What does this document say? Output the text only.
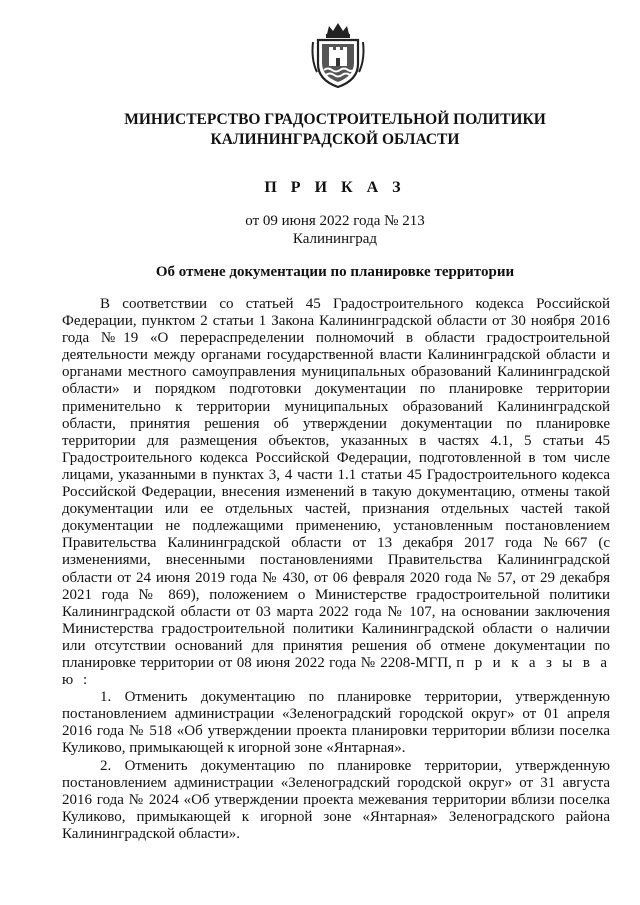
МИНИСТЕРСТВО ГРАДОСТРОИТЕЛЬНОЙ ПОЛИТИКИ
КАЛИНИНГРАДСКОЙ ОБЛАСТИ
П Р И К А З
от 09 июня 2022 года № 213
Калининград
Об отмене документации по планировке территории

В соответствии со статьей 45 Градостроительного кодекса Российской Федерации, пунктом 2 статьи 1 Закона Калининградской области от 30 ноября 2016 года №19 «О перераспределении полномочий в области градостроительной деятельности между органами государственной власти Калининградской области и органами местного самоуправления муниципальных образований Калининградской области» и порядком подготовки документации по планировке территории применительно к территории муниципальных образований Калининградской области, принятия решения об утверждении документации по планировке территории для размещения объектов, указанных в частях 4.1, 5 статьи 45 Градостроительного кодекса Российской Федерации, подготовленной в том числе лицами, указанными в пунктах 3, 4 части 1.1 статьи 45 Градостроительного кодекса Российской Федерации, внесения изменений в такую документацию, отмены такой документации или ее отдельных частей, признания отдельных частей такой документации не подлежащими применению, установленным постановлением Правительства Калининградской области от 13 декабря 2017 года №667 (с изменениями, внесенными постановлениями Правительства Калининградской области от 24 июня 2019 года № 430, от 06 февраля 2020 года № 57, от 29 декабря 2021 года № 869), положением о Министерстве градостроительной политики Калининградской области от 03 марта 2022 года № 107, на основании заключения Министерства градостроительной политики Калининградской области о наличии или отсутствии оснований для принятия решения об отмене документации по планировке территории от 08 июня 2022 года № 2208-МГП, п р и к а з ы в а ю :

1. Отменить документацию по планировке территории, утвержденную постановлением администрации «Зеленоградский городской округ» от 01 апреля 2016 года № 518 «Об утверждении проекта планировки территории вблизи поселка Куликово, примыкающей к игорной зоне «Янтарная».

2. Отменить документацию по планировке территории, утвержденную постановлением администрации «Зеленоградский городской округ» от 31 августа 2016 года № 2024 «Об утверждении проекта межевания территории вблизи поселка Куликово, примыкающей к игорной зоне «Янтарная» Зеленоградского района Калининградской области».
